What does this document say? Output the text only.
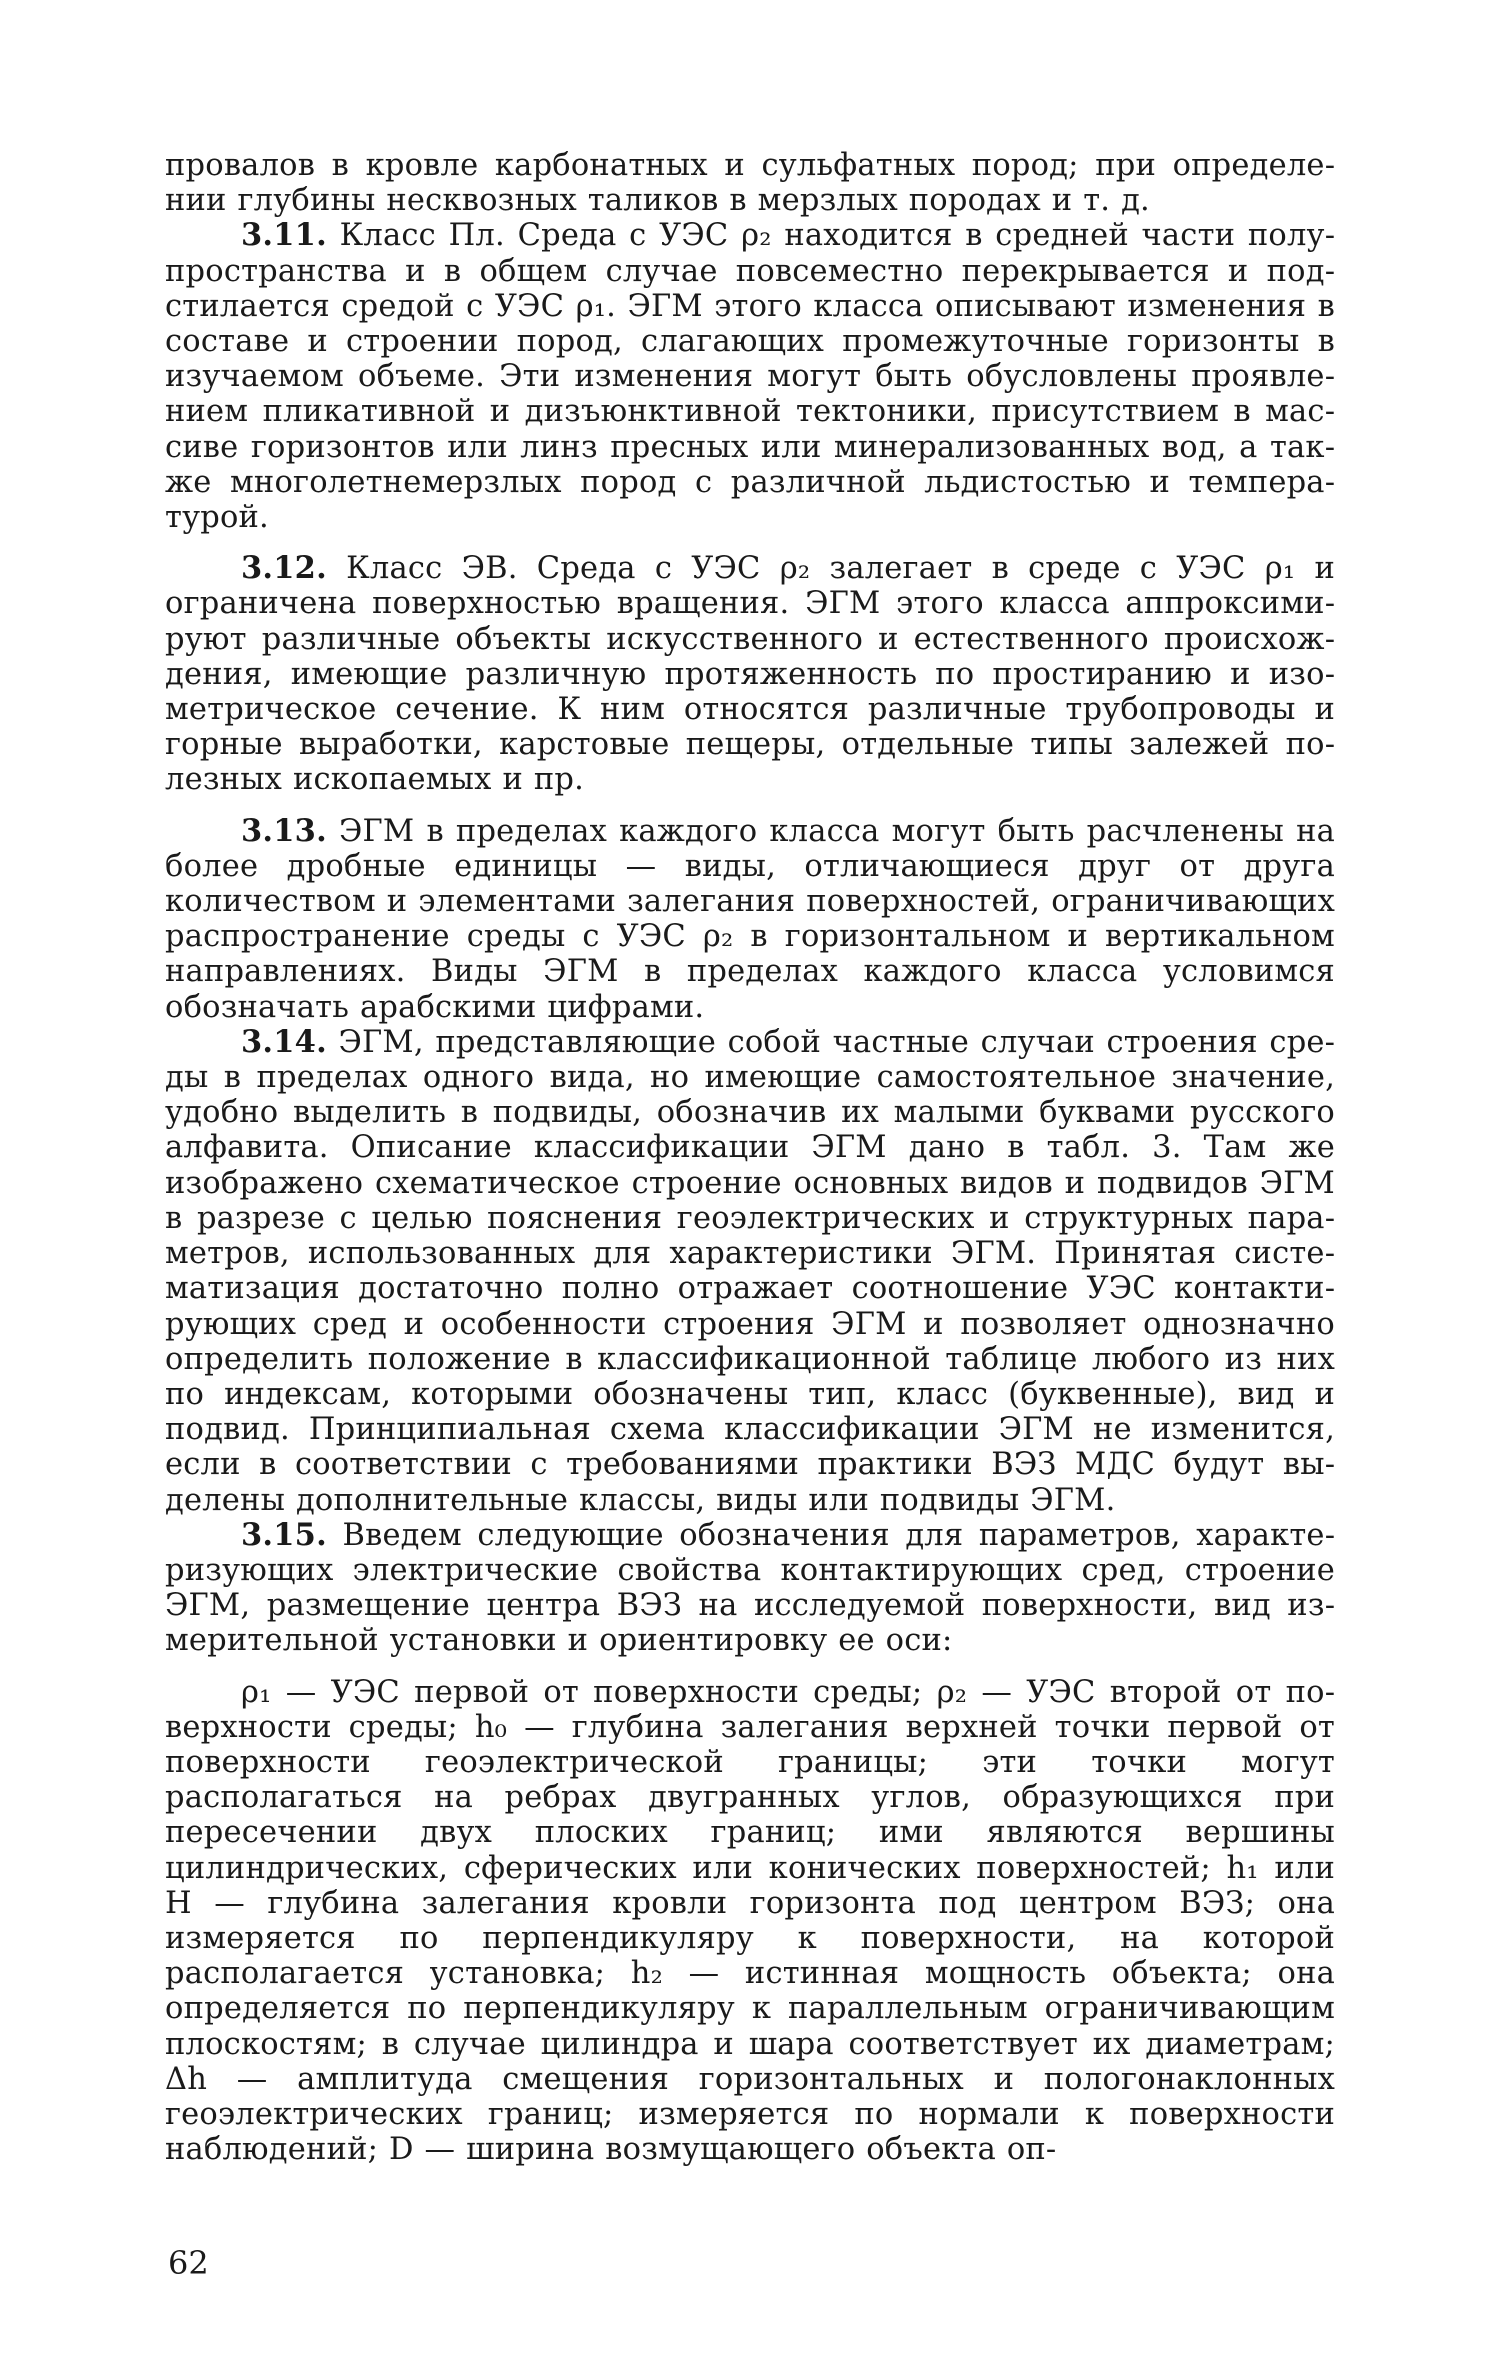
провалов в кровле карбонатных и сульфатных пород; при определении глубины несквозных таликов в мерзлых породах и т. д.

3.11. Класс Пл. Среда с УЭС ρ₂ находится в средней части полупространства и в общем случае повсеместно перекрывается и подстилается средой с УЭС ρ₁. ЭГМ этого класса описывают изменения в составе и строении пород, слагающих промежуточные горизонты в изучаемом объеме. Эти изменения могут быть обусловлены проявлением пликативной и дизъюнктивной тектоники, присутствием в массиве горизонтов или линз пресных или минерализованных вод, а также многолетнемерзлых пород с различной льдистостью и температурой.

3.12. Класс ЭВ. Среда с УЭС ρ₂ залегает в среде с УЭС ρ₁ и ограничена поверхностью вращения. ЭГМ этого класса аппроксимируют различные объекты искусственного и естественного происхождения, имеющие различную протяженность по простиранию и изометрическое сечение. К ним относятся различные трубопроводы и горные выработки, карстовые пещеры, отдельные типы залежей полезных ископаемых и пр.

3.13. ЭГМ в пределах каждого класса могут быть расчленены на более дробные единицы — виды, отличающиеся друг от друга количеством и элементами залегания поверхностей, ограничивающих распространение среды с УЭС ρ₂ в горизонтальном и вертикальном направлениях. Виды ЭГМ в пределах каждого класса условимся обозначать арабскими цифрами.

3.14. ЭГМ, представляющие собой частные случаи строения среды в пределах одного вида, но имеющие самостоятельное значение, удобно выделить в подвиды, обозначив их малыми буквами русского алфавита. Описание классификации ЭГМ дано в табл. 3. Там же изображено схематическое строение основных видов и подвидов ЭГМ в разрезе с целью пояснения геоэлектрических и структурных параметров, использованных для характеристики ЭГМ. Принятая систематизация достаточно полно отражает соотношение УЭС контактирующих сред и особенности строения ЭГМ и позволяет однозначно определить положение в классификационной таблице любого из них по индексам, которыми обозначены тип, класс (буквенные), вид и подвид. Принципиальная схема классификации ЭГМ не изменится, если в соответствии с требованиями практики ВЭЗ МДС будут выделены дополнительные классы, виды или подвиды ЭГМ.

3.15. Введем следующие обозначения для параметров, характеризующих электрические свойства контактирующих сред, строение ЭГМ, размещение центра ВЭЗ на исследуемой поверхности, вид измерительной установки и ориентировку ее оси:

ρ₁ — УЭС первой от поверхности среды; ρ₂ — УЭС второй от поверхности среды; h₀ — глубина залегания верхней точки первой от поверхности геоэлектрической границы; эти точки могут располагаться на ребрах двугранных углов, образующихся при пересечении двух плоских границ; ими являются вершины цилиндрических, сферических или конических поверхностей; h₁ или H — глубина залегания кровли горизонта под центром ВЭЗ; она измеряется по перпендикуляру к поверхности, на которой располагается установка; h₂ — истинная мощность объекта; она определяется по перпендикуляру к параллельным ограничивающим плоскостям; в случае цилиндра и шара соответствует их диаметрам; Δh — амплитуда смещения горизонтальных и пологонаклонных геоэлектрических границ; измеряется по нормали к поверхности наблюдений; D — ширина возмущающего объекта оп-

62
